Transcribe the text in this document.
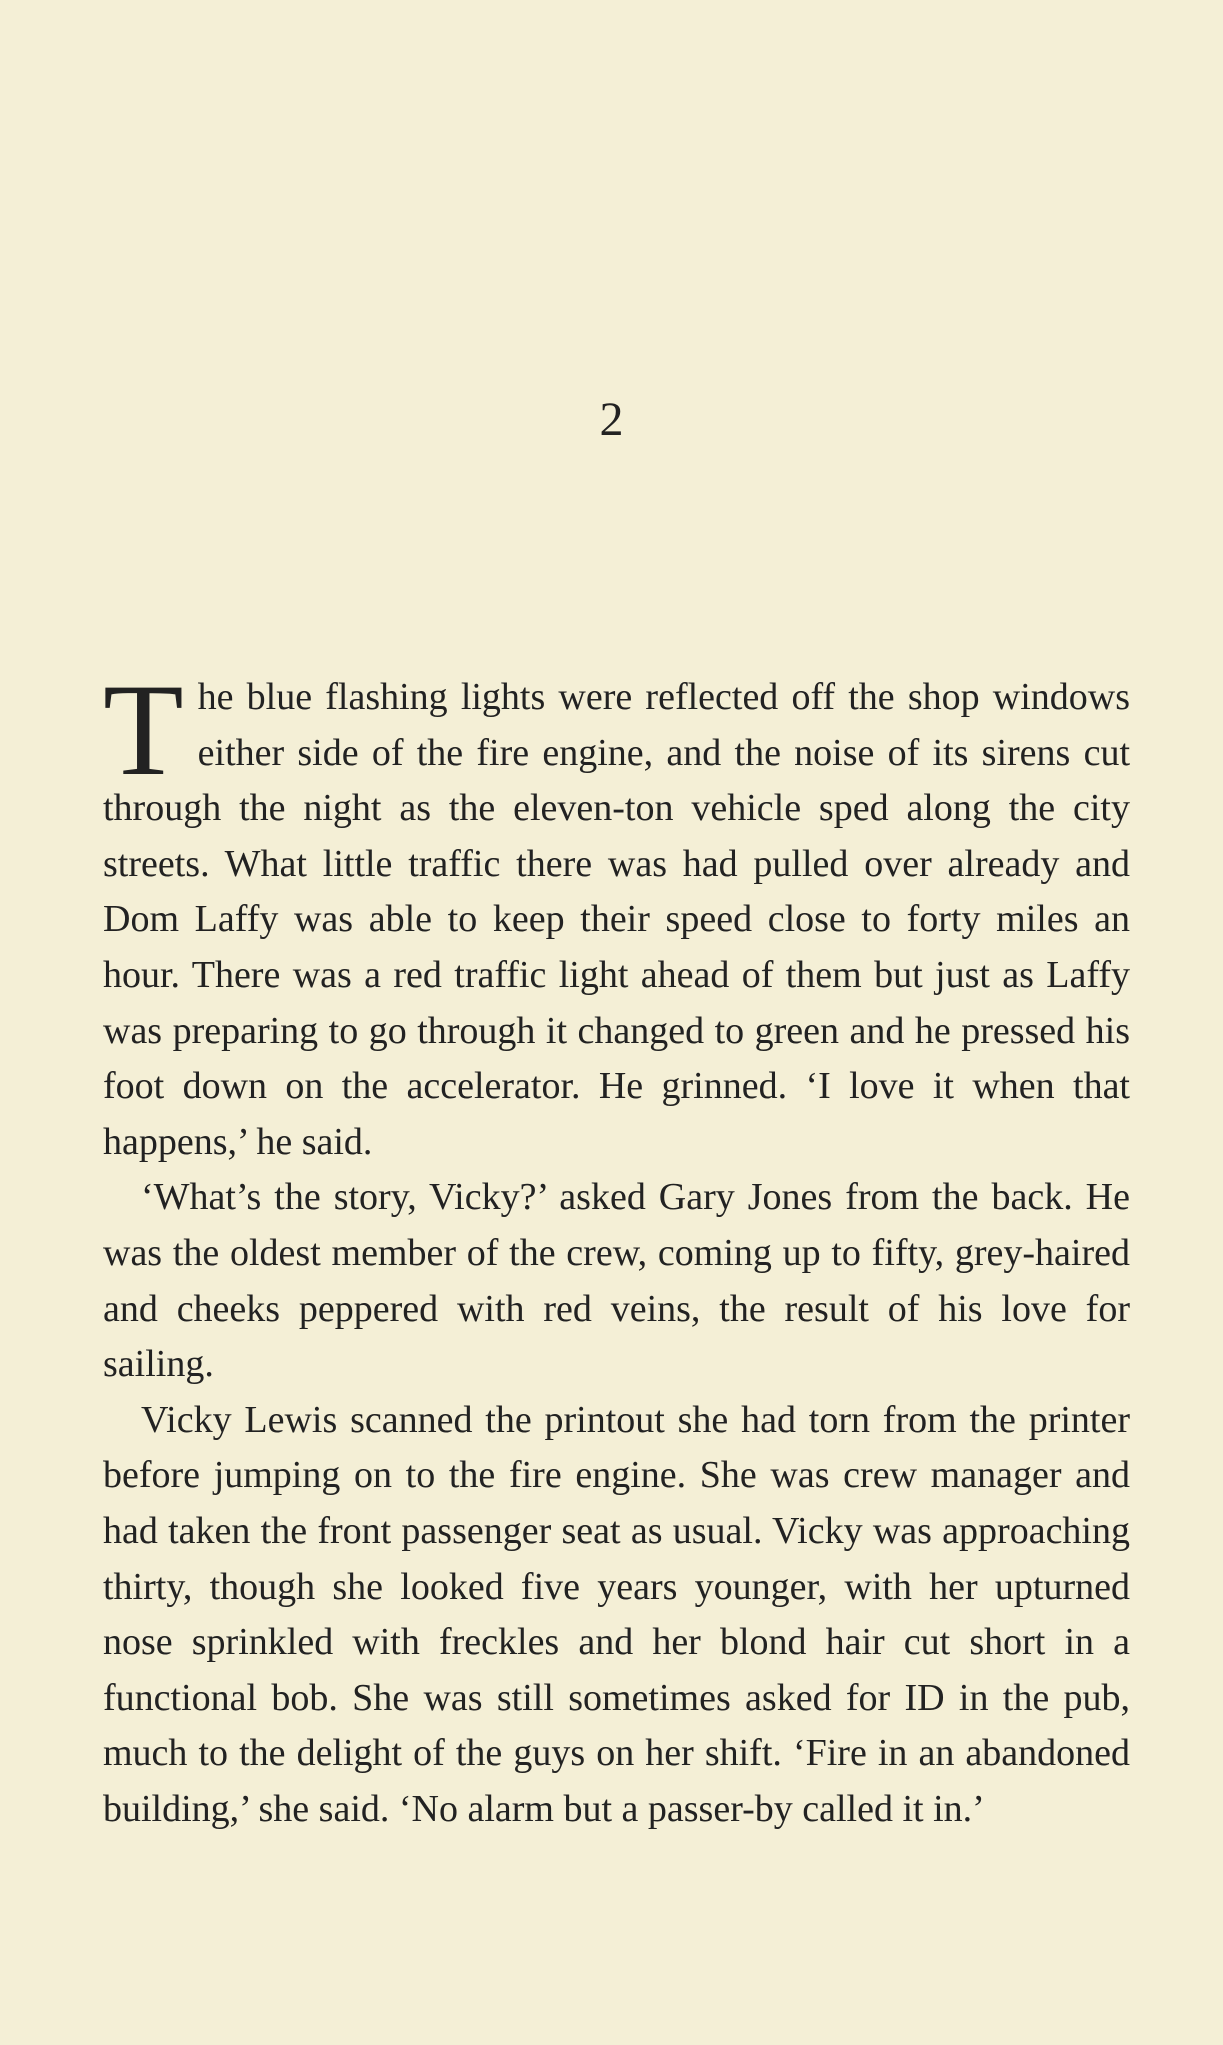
2

The blue flashing lights were reflected off the shop windows either side of the fire engine, and the noise of its sirens cut through the night as the eleven-ton vehicle sped along the city streets. What little traffic there was had pulled over already and Dom Laffy was able to keep their speed close to forty miles an hour. There was a red traffic light ahead of them but just as Laffy was preparing to go through it changed to green and he pressed his foot down on the accelerator. He grinned. ‘I love it when that happens,’ he said.

‘What’s the story, Vicky?’ asked Gary Jones from the back. He was the oldest member of the crew, coming up to fifty, grey-haired and cheeks peppered with red veins, the result of his love for sailing.

Vicky Lewis scanned the printout she had torn from the printer before jumping on to the fire engine. She was crew manager and had taken the front passenger seat as usual. Vicky was approaching thirty, though she looked five years younger, with her upturned nose sprinkled with freckles and her blond hair cut short in a functional bob. She was still sometimes asked for ID in the pub, much to the delight of the guys on her shift. ‘Fire in an abandoned building,’ she said. ‘No alarm but a passer-by called it in.’
